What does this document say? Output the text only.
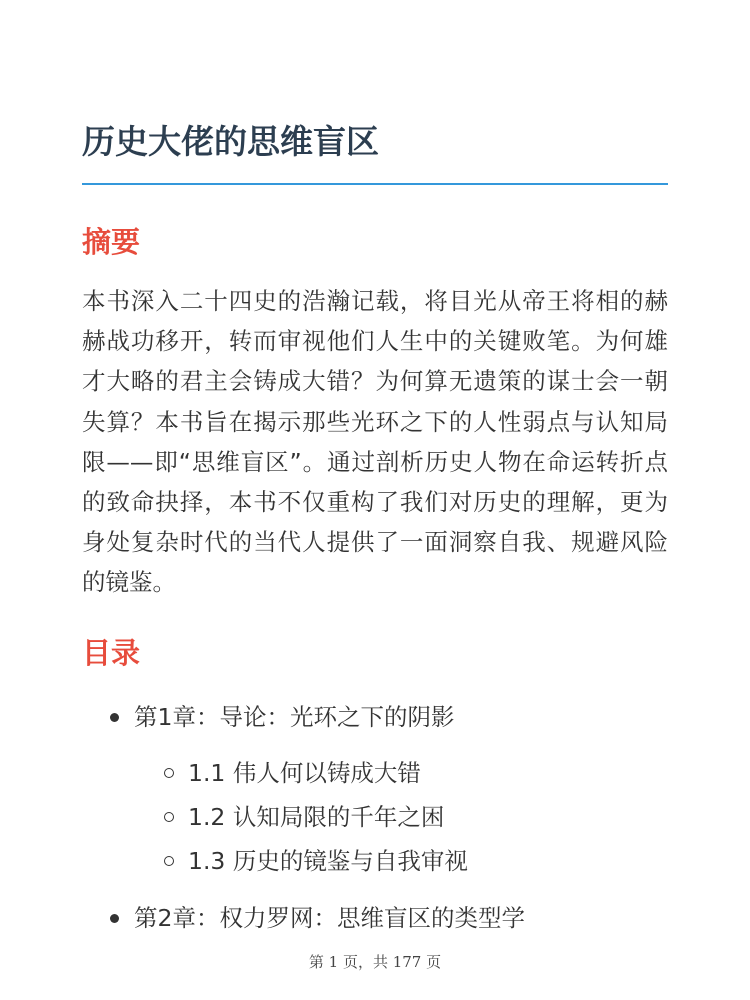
历史大佬的思维盲区
摘要

本书深入二十四史的浩瀚记载，将目光从帝王将相的赫赫战功移开，转而审视他们人生中的关键败笔。为何雄才大略的君主会铸成大错？为何算无遗策的谋士会一朝失算？本书旨在揭示那些光环之下的人性弱点与认知局限——即“思维盲区”。通过剖析历史人物在命运转折点的致命抉择，本书不仅重构了我们对历史的理解，更为身处复杂时代的当代人提供了一面洞察自我、规避风险的镜鉴。

目录
第1章：导论：光环之下的阴影
1.1 伟人何以铸成大错
1.2 认知局限的千年之困
1.3 历史的镜鉴与自我审视
第2章：权力罗网：思维盲区的类型学
第 1 页，共 177 页
